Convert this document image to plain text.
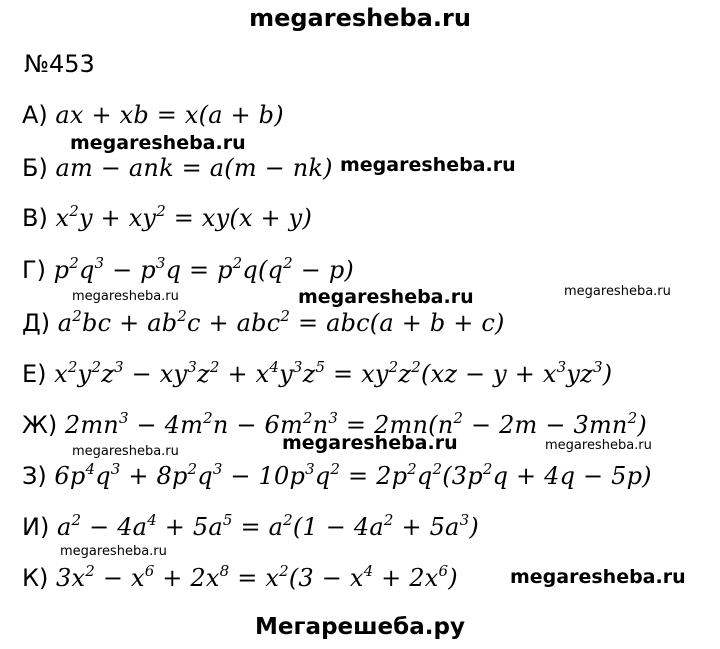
megaresheba.ru
№453
А) ax + xb = x(a + b)
Б) am − ank = a(m − nk)
В) $x^2y + xy^2 = xy(x + y)$
Г) $p^2q^3 - p^3q = p^2q(q^2 - p)$
Д) $a^2bc + ab^2c + abc^2 = abc(a + b + c)$
Е) $x^2y^2z^3 - xy^3z^2 + x^4y^3z^5 = xy^2z^2(xz - y + x^3yz^3)$
Ж) $2mn^3 - 4m^2n - 6m^2n^3 = 2mn(n^2 - 2m - 3mn^2)$
З) $6p^4q^3 + 8p^2q^3 - 10p^3q^2 = 2p^2q^2(3p^2q + 4q - 5p)$
И) $a^2 - 4a^4 + 5a^5 = a^2(1 - 4a^2 + 5a^3)$
К) $3x^2 - x^6 + 2x^8 = x^2(3 - x^4 + 2x^6)$
megaresheba.ru
megaresheba.ru
megaresheba.ru	megaresheba.ru	megaresheba.ru
megaresheba.ru	megaresheba.ru	megaresheba.ru
megaresheba.ru
megaresheba.ru
Мегарешеба.ру
